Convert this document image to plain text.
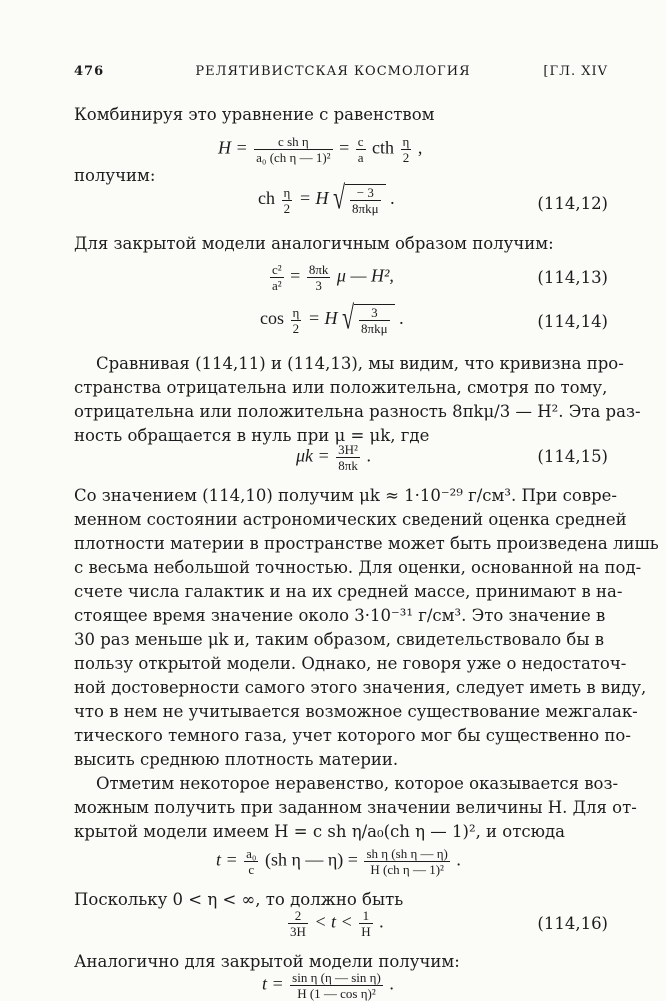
476	РЕЛЯТИВИСТСКАЯ КОСМОЛОГИЯ	[ГЛ. XIV
Комбинируя это уравнение с равенством
$H = \frac{\text{c sh η}}{\text{a₀ (ch η — 1)²}} = \frac{c}{a}$ cth $\frac{\eta}{2}$ ,
получим:
ch $\frac{\eta}{2} = H$ √ $\frac{- 3}{\text{8πkμ}}$ .	(114,12)
Для закрытой модели аналогичным образом получим:
$\frac{\text{c²}}{\text{a²}} = \frac{8\pi k}{3}$ μ — H²,	(114,13)
$\cos \frac{\eta}{2} = H$ √ $\frac{3}{\text{8πkμ}}$ .	(114,14)
Сравнивая (114,11) и (114,13), мы видим, что кривизна про-
странства отрицательна или положительна, смотря по тому,
отрицательна или положительна разность 8πkμ/3 — H². Эта раз-
ность обращается в нуль при μ = μk, где
$\mu k = \frac{\text{3H²}}{8\pi k}$ .	(114,15)
Со значением (114,10) получим μk ≈ 1·10⁻²⁹ г/см³. При совре-
менном состоянии астрономических сведений оценка средней
плотности материи в пространстве может быть произведена лишь
с весьма небольшой точностью. Для оценки, основанной на под-
счете числа галактик и на их средней массе, принимают в на-
стоящее время значение около 3·10⁻³¹ г/см³. Это значение в
30 раз меньше μk и, таким образом, свидетельствовало бы в
пользу открытой модели. Однако, не говоря уже о недостаточ-
ной достоверности самого этого значения, следует иметь в виду,
что в нем не учитывается возможное существование межгалак-
тического темного газа, учет которого мог бы существенно по-
высить среднюю плотность материи.
Отметим некоторое неравенство, которое оказывается воз-
можным получить при заданном значении величины H. Для от-
крытой модели имеем H = c sh η/a₀(ch η — 1)², и отсюда
$t = \frac{\text{a₀}}{c} (sh$ η — $\eta) = \frac{\text{sh η (sh η — η)}}{\text{H (ch η — 1)²}}$ .
Поскольку 0 < η < ∞, то должно быть
$\frac{2}{3H} < t < \frac{1}{H}$ .	(114,16)
Аналогично для закрытой модели получим:
$t = \frac{\text{sin η (η — sin η)}}{\text{H (1 — cos η)²}}$ .
